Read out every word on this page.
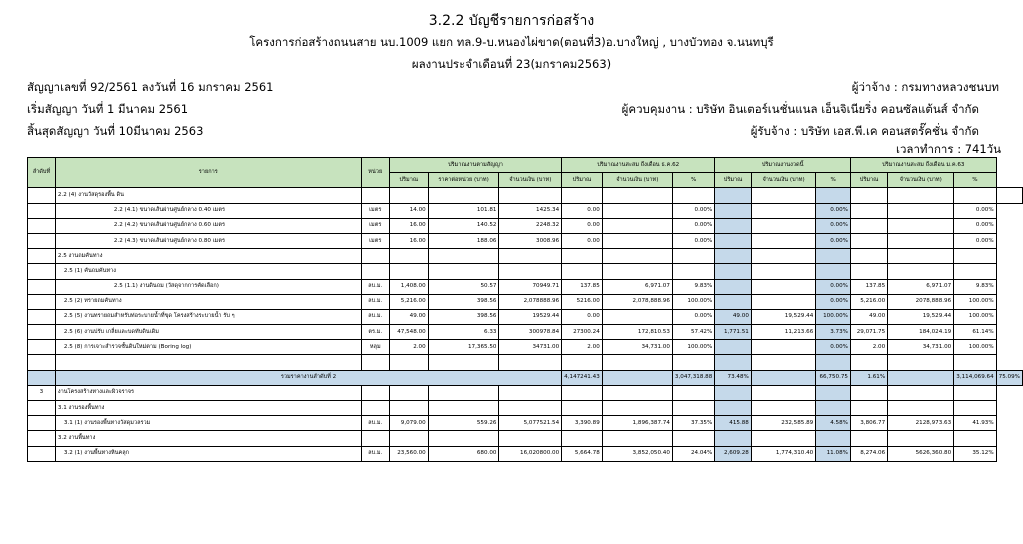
3.2.2 บัญชีรายการก่อสร้าง
โครงการก่อสร้างถนนสาย นบ.1009 แยก ทล.9-บ.หนองไผ่ขาด(ตอนที่3)อ.บางใหญ่ , บางบัวทอง จ.นนทบุรี
ผลงานประจำเดือนที่ 23(มกราคม2563)
สัญญาเลขที่ 92/2561 ลงวันที่ 16 มกราคม 2561	ผู้ว่าจ้าง : กรมทางหลวงชนบท
เริ่มสัญญา วันที่ 1 มีนาคม 2561	ผู้ควบคุมงาน : บริษัท อินเตอร์เนชั่นแนล เอ็นจิเนียริ่ง คอนซัลแต้นส์ จำกัด
สิ้นสุดสัญญา วันที่ 10มีนาคม 2563	ผู้รับจ้าง : บริษัท เอส.พี.เค คอนสตรั๊คชั่น จำกัด
เวลาทำการ : 741วัน
ลำดับที่	รายการ	หน่วย	ปริมาณงานตามสัญญา			ปริมาณงานสะสม ถึงเดือน ธ.ค.62			ปริมาณงานงวดนี้			ปริมาณงานสะสม ถึงเดือน ม.ค.63			
			ปริมาณ	ราคาต่อหน่วย (บาท)	จำนวนเงิน (บาท)	ปริมาณ	จำนวนเงิน (บาท)	%	ปริมาณ	จำนวนเงิน (บาท)	%	ปริมาณ	จำนวนเงิน (บาท)	%	
	2.2 (4) งานวัสดุรองพื้น ดิน														
	2.2 (4.1) ขนาดเส้นผ่านศูนย์กลาง 0.40 เมตร	เมตร	14.00	101.81	1425.34	0.00		0.00%			0.00%			0.00%	
	2.2 (4.2) ขนาดเส้นผ่านศูนย์กลาง 0.60 เมตร	เมตร	16.00	140.52	2248.32	0.00		0.00%			0.00%			0.00%	
	2.2 (4.3) ขนาดเส้นผ่านศูนย์กลาง 0.80 เมตร	เมตร	16.00	188.06	3008.96	0.00		0.00%			0.00%			0.00%	
	2.5 งานถมคันทาง														
	2.5 (1) คันถมคันทาง														
	2.5 (1.1) งานดินถม (วัสดุจากการคัดเลือก)	ลบ.ม.	1,408.00	50.57	70949.71	137.85	6,971.07	9.83%			0.00%	137.85	6,971.07	9.83%	
	2.5 (2) ทรายถมคันทาง	ลบ.ม.	5,216.00	398.56	2,078888.96	5216.00	2,078,888.96	100.00%			0.00%	5,216.00	2078,888.96	100.00%	
	2.5 (5) งานทรายถมสำหรับท่อระบายน้ำที่ขุด โครงสร้างระบายน้ำ รับ ๆ	ลบ.ม.	49.00	398.56	19529.44	0.00		0.00%	49.00	19,529.44	100.00%	49.00	19,529.44	100.00%	
	2.5 (6) งานปรับ เกลี่ยและบดทับดินเดิม	ตร.ม.	47,548.00	6.33	300978.84	27300.24	172,810.53	57.42%	1,771.51	11,213.66	3.73%	29,071.75	184,024.19	61.14%	
	2.5 (8) การเจาะสำรวจชั้นดินใหม่ตาม (Boring log)	หลุม	2.00	17,365.50	34731.00	2.00	34,731.00	100.00%			0.00%	2.00	34,731.00	100.00%	

	รวมราคางานลำดับที่ 2					4,147241.43		3,047,318.88	73.48%		66,750.75	1.61%		3,114,069.64	75.09%
3	งานโครงสร้างทางและผิวจราจร														
	3.1 งานรองพื้นทาง														
	3.1 (1) งานรองพื้นทางวัสดุมวลรวม	ลบ.ม.	9,079.00	559.26	5,077521.54	3,390.89	1,896,387.74	37.35%	415.88	232,585.89	4.58%	3,806.77	2128,973.63	41.93%	
	3.2 งานพื้นทาง														
	3.2 (1) งานพื้นทางหินคลุก	ลบ.ม.	23,560.00	680.00	16,020800.00	5,664.78	3,852,050.40	24.04%	2,609.28	1,774,310.40	11.08%	8,274.06	5626,360.80	35.12%	
